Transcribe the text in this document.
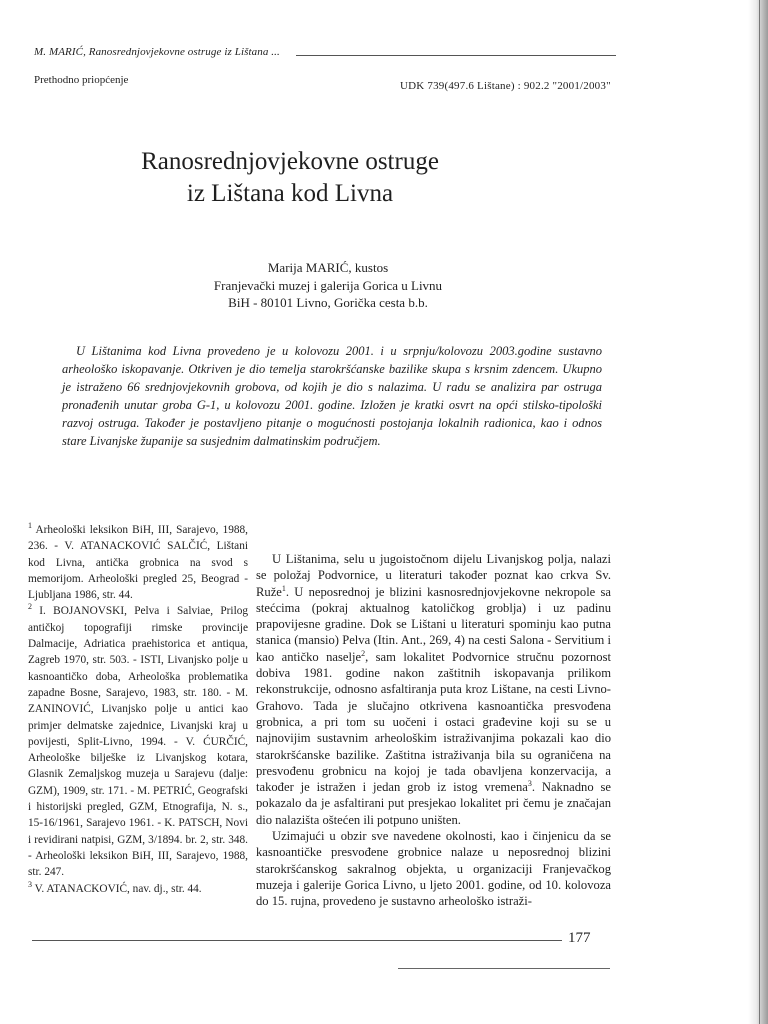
M. MARIĆ, Ranosrednjovjekovne ostruge iz Lištana ...
Prethodno priopćenje	UDK 739(497.6 Lištane) : 902.2 "2001/2003"
Ranosrednjovjekovne ostruge
iz Lištana kod Livna
Marija MARIĆ, kustos
Franjevački muzej i galerija Gorica u Livnu
BiH - 80101 Livno, Gorička cesta b.b.
U Lištanima kod Livna provedeno je u kolovozu 2001. i u srpnju/kolovozu 2003.godine sustavno arheološko iskopavanje. Otkriven je dio temelja starokršćanske bazilike skupa s krsnim zdencem. Ukupno je istraženo 66 srednjovjekovnih grobova, od kojih je dio s nalazima. U radu se analizira par ostruga pronađenih unutar groba G-1, u kolovozu 2001. godine. Izložen je kratki osvrt na opći stilsko-tipološki razvoj ostruga. Također je postavljeno pitanje o mogućnosti postojanja lokalnih radionica, kao i odnos stare Livanjske županije sa susjednim dalmatinskim područjem.

$^1$ Arheološki leksikon BiH, III, Sarajevo, 1988, 236. - V. ATANACKOVIĆ SALČIĆ, Lištani kod Livna, antička grobnica na svod s memorijom. Arheološki pregled 25, Beograd - Ljubljana 1986, str. 44.

$^2$ I. BOJANOVSKI, Pelva i Salviae, Prilog antičkoj topografiji rimske provincije Dalmacije, Adriatica praehistorica et antiqua, Zagreb 1970, str. 503. - ISTI, Livanjsko polje u kasnoantičko doba, Arheološka problematika zapadne Bosne, Sarajevo, 1983, str. 180. - M. ZANINOVIĆ, Livanjsko polje u antici kao primjer delmatske zajednice, Livanjski kraj u povijesti, Split-Livno, 1994. - V. ĆURČIĆ, Arheološke bilješke iz Livanjskog kotara, Glasnik Zemaljskog muzeja u Sarajevu (dalje: GZM), 1909, str. 171. - M. PETRIĆ, Geografski i historijski pregled, GZM, Etnografija, N. s., 15-16/1961, Sarajevo 1961. - K. PATSCH, Novi i revidirani natpisi, GZM, 3/1894. br. 2, str. 348. - Arheološki leksikon BiH, III, Sarajevo, 1988, str. 247.

$^3$ V. ATANACKOVIĆ, nav. dj., str. 44.

U Lištanima, selu u jugoistočnom dijelu Livanjskog polja, nalazi se položaj Podvornice, u literaturi također poznat kao crkva Sv. Ruže$^1$. U neposrednoj je blizini kasnosrednjovjekovne nekropole sa stećcima (pokraj aktualnog katoličkog groblja) i uz padinu prapovijesne gradine. Dok se Lištani u literaturi spominju kao putna stanica (mansio) Pelva (Itin. Ant., 269, 4) na cesti Salona - Servitium i kao antičko naselje$^2$, sam lokalitet Podvornice stručnu pozornost dobiva 1981. godine nakon zaštitnih iskopavanja prilikom rekonstrukcije, odnosno asfaltiranja puta kroz Lištane, na cesti Livno-Grahovo. Tada je slučajno otkrivena kasnoantička presvođena grobnica, a pri tom su uočeni i ostaci građevine koji su se u najnovijim sustavnim arheološkim istraživanjima pokazali kao dio starokršćanske bazilike. Zaštitna istraživanja bila su ograničena na presvođenu grobnicu na kojoj je tada obavljena konzervacija, a također je istražen i jedan grob iz istog vremena$^3$. Naknadno se pokazalo da je asfaltirani put presjekao lokalitet pri čemu je značajan dio nalazišta oštećen ili potpuno uništen.

Uzimajući u obzir sve navedene okolnosti, kao i činjenicu da se kasnoantičke presvođene grobnice nalaze u neposrednoj blizini starokršćanskog sakralnog objekta, u organizaciji Franjevačkog muzeja i galerije Gorica Livno, u ljeto 2001. godine, od 10. kolovoza do 15. rujna, provedeno je sustavno arheološko istraži-

177
